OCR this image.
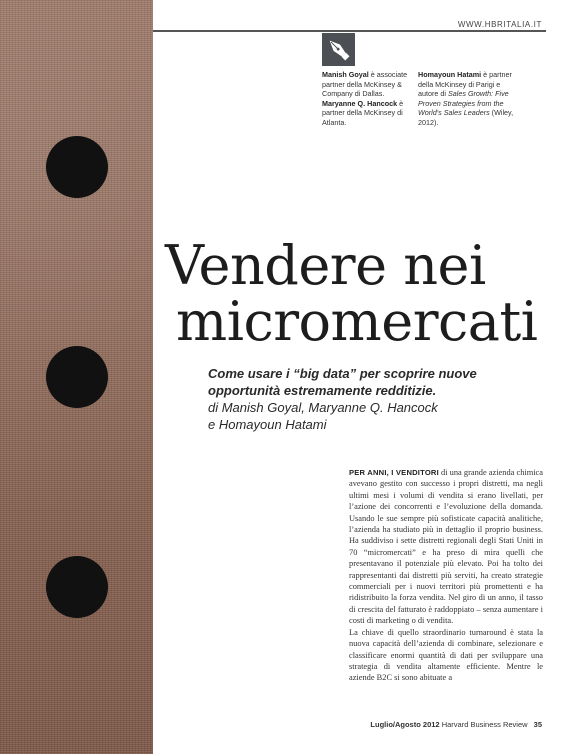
WWW.HBRITALIA.IT
Manish Goyal è associate partner della McKinsey & Company di Dallas.
Maryanne Q. Hancock è partner della McKinsey di Atlanta.
Homayoun Hatami è partner della McKinsey di Parigi e autore di Sales Growth: Five Proven Strategies from the World's Sales Leaders (Wiley, 2012).
Vendere nei
micromercati
Come usare i “big data” per scoprire nuove opportunità estremamente redditizie.
di Manish Goyal, Maryanne Q. Hancock
e Homayoun Hatami

PER ANNI, I VENDITORI di una grande azienda chimica avevano gestito con successo i propri distretti, ma negli ultimi mesi i volumi di vendita si erano livellati, per l’azione dei concorrenti e l’evoluzione della domanda. Usando le sue sempre più sofisticate capacità analitiche, l’azienda ha studiato più in dettaglio il proprio business. Ha suddiviso i sette distretti regionali degli Stati Uniti in 70 “micromercati” e ha preso di mira quelli che presentavano il potenziale più elevato. Poi ha tolto dei rappresentanti dai distretti più serviti, ha creato strategie commerciali per i nuovi territori più promettenti e ha ridistribuito la forza vendita. Nel giro di un anno, il tasso di crescita del fatturato è raddoppiato – senza aumentare i costi di marketing o di vendita.

La chiave di quello straordinario turnaround è stata la nuova capacità dell’azienda di combinare, selezionare e classificare enormi quantità di dati per sviluppare una strategia di vendita altamente efficiente. Mentre le aziende B2C si sono abituate a

Luglio/Agosto 2012 Harvard Business Review 35
